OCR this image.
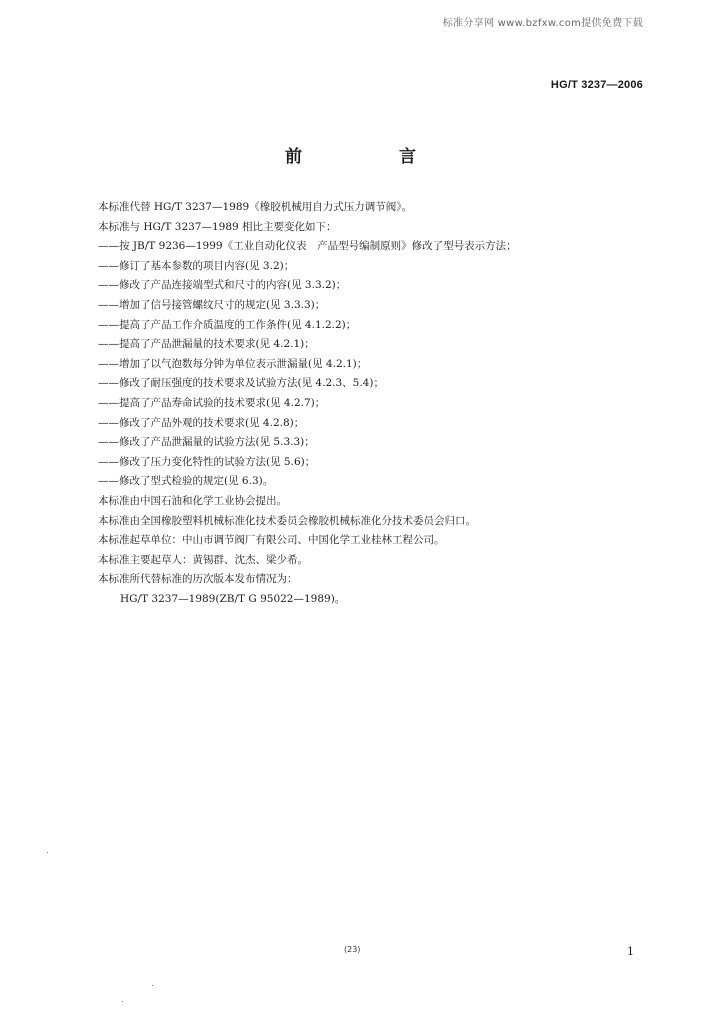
标准分享网 www.bzfxw.com提供免费下载
HG/T 3237—2006
前　言
本标准代替 HG/T 3237—1989《橡胶机械用自力式压力调节阀》。
本标准与 HG/T 3237—1989 相比主要变化如下：
——按 JB/T 9236—1999《工业自动化仪表　产品型号编制原则》修改了型号表示方法；
——修订了基本参数的项目内容(见 3.2)；
——修改了产品连接端型式和尺寸的内容(见 3.3.2)；
——增加了信号接管螺纹尺寸的规定(见 3.3.3)；
——提高了产品工作介质温度的工作条件(见 4.1.2.2)；
——提高了产品泄漏量的技术要求(见 4.2.1)；
——增加了以气泡数每分钟为单位表示泄漏量(见 4.2.1)；
——修改了耐压强度的技术要求及试验方法(见 4.2.3、5.4)；
——提高了产品寿命试验的技术要求(见 4.2.7)；
——修改了产品外观的技术要求(见 4.2.8)；
——修改了产品泄漏量的试验方法(见 5.3.3)；
——修改了压力变化特性的试验方法(见 5.6)；
——修改了型式检验的规定(见 6.3)。
本标准由中国石油和化学工业协会提出。
本标准由全国橡胶塑料机械标准化技术委员会橡胶机械标准化分技术委员会归口。
本标准起草单位：中山市调节阀厂有限公司、中国化学工业桂林工程公司。
本标准主要起草人：黄锡群、沈杰、梁少希。
本标准所代替标准的历次版本发布情况为：
HG/T 3237—1989(ZB/T G 95022—1989)。
(23)	1
